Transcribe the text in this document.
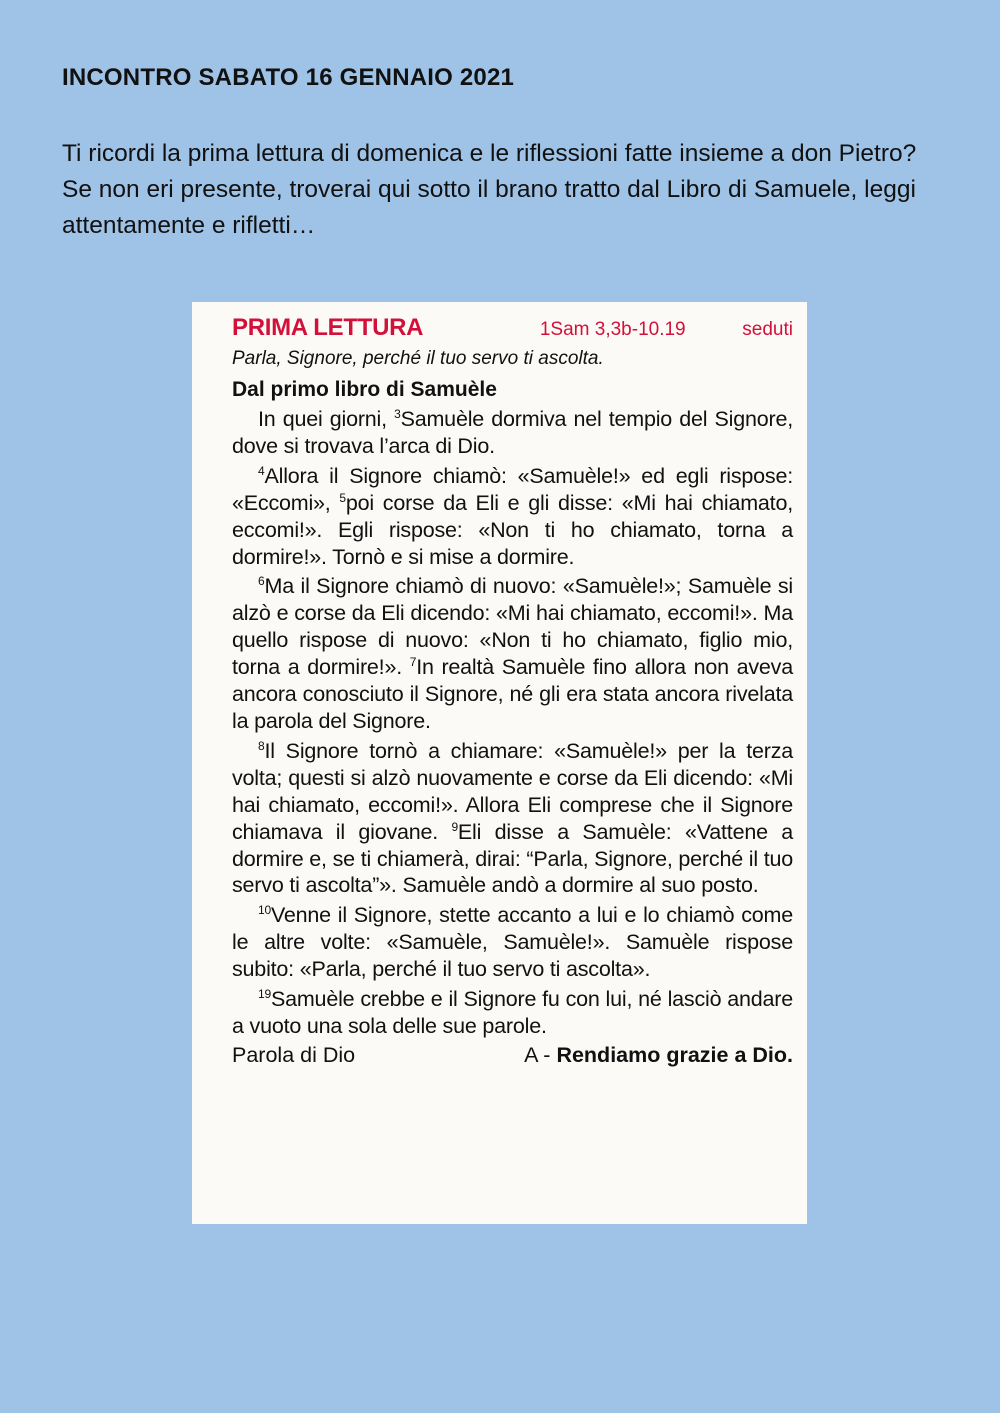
INCONTRO SABATO 16 GENNAIO 2021

Ti ricordi la prima lettura di domenica e le riflessioni fatte insieme a don Pietro?

Se non eri presente, troverai qui sotto il brano tratto dal Libro di Samuele, leggi attentamente e rifletti…

PRIMA LETTURA	1Sam 3,3b-10.19	seduti
Parla, Signore, perché il tuo servo ti ascolta.
Dal primo libro di Samuèle

In quei giorni, $^3$Samuèle dormiva nel tempio del Signore, dove si trovava l’arca di Dio.

$^4$Allora il Signore chiamò: «Samuèle!» ed egli rispose: «Eccomi», $^5$poi corse da Eli e gli disse: «Mi hai chiamato, eccomi!». Egli rispose: «Non ti ho chiamato, torna a dormire!». Tornò e si mise a dormire.

$^6$Ma il Signore chiamò di nuovo: «Samuèle!»; Samuèle si alzò e corse da Eli dicendo: «Mi hai chiamato, eccomi!». Ma quello rispose di nuovo: «Non ti ho chiamato, figlio mio, torna a dormire!». $^7$In realtà Samuèle fino allora non aveva ancora conosciuto il Signore, né gli era stata ancora rivelata la parola del Signore.

$^8$Il Signore tornò a chiamare: «Samuèle!» per la terza volta; questi si alzò nuovamente e corse da Eli dicendo: «Mi hai chiamato, eccomi!». Allora Eli comprese che il Signore chiamava il giovane. $^9$Eli disse a Samuèle: «Vattene a dormire e, se ti chiamerà, dirai: “Parla, Signore, perché il tuo servo ti ascolta”». Samuèle andò a dormire al suo posto.

$^{10}$Venne il Signore, stette accanto a lui e lo chiamò come le altre volte: «Samuèle, Samuèle!». Samuèle rispose subito: «Parla, perché il tuo servo ti ascolta».

$^{19}$Samuèle crebbe e il Signore fu con lui, né lasciò andare a vuoto una sola delle sue parole.

Parola di Dio	A - Rendiamo grazie a Dio.
